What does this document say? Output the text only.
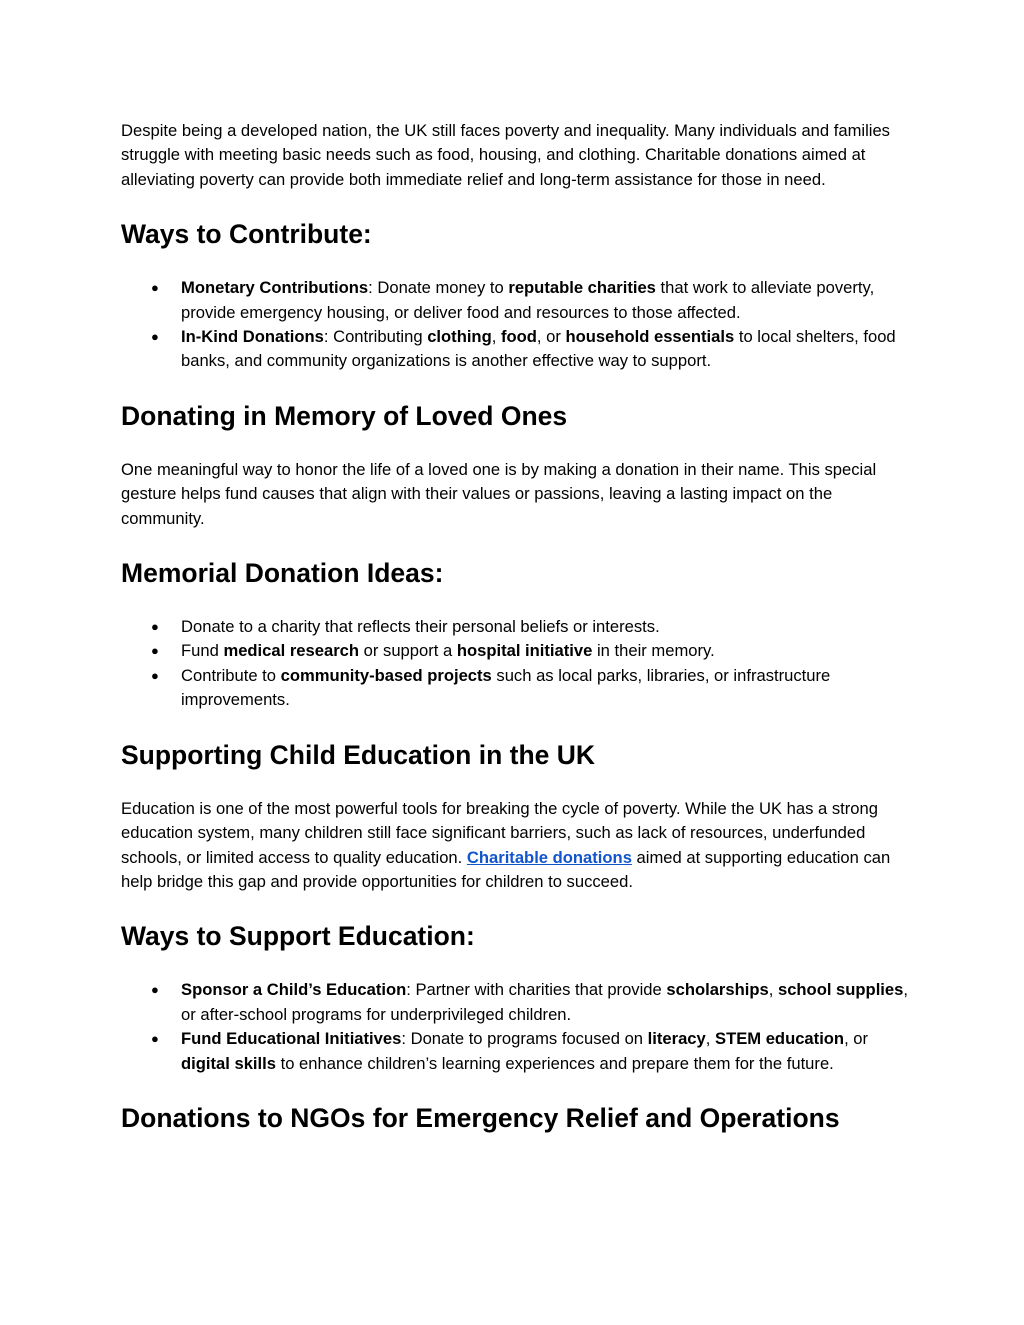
Despite being a developed nation, the UK still faces poverty and inequality. Many individuals and families struggle with meeting basic needs such as food, housing, and clothing. Charitable donations aimed at alleviating poverty can provide both immediate relief and long-term assistance for those in need.

Ways to Contribute:
● Monetary Contributions: Donate money to reputable charities that work to alleviate poverty, provide emergency housing, or deliver food and resources to those affected.
● In-Kind Donations: Contributing clothing, food, or household essentials to local shelters, food banks, and community organizations is another effective way to support.
Donating in Memory of Loved Ones

One meaningful way to honor the life of a loved one is by making a donation in their name. This special gesture helps fund causes that align with their values or passions, leaving a lasting impact on the community.

Memorial Donation Ideas:
● Donate to a charity that reflects their personal beliefs or interests.
● Fund medical research or support a hospital initiative in their memory.
● Contribute to community-based projects such as local parks, libraries, or infrastructure improvements.
Supporting Child Education in the UK

Education is one of the most powerful tools for breaking the cycle of poverty. While the UK has a strong education system, many children still face significant barriers, such as lack of resources, underfunded schools, or limited access to quality education. Charitable donations aimed at supporting education can help bridge this gap and provide opportunities for children to succeed.

Ways to Support Education:
● Sponsor a Child’s Education: Partner with charities that provide scholarships, school supplies, or after-school programs for underprivileged children.
● Fund Educational Initiatives: Donate to programs focused on literacy, STEM education, or digital skills to enhance children’s learning experiences and prepare them for the future.
Donations to NGOs for Emergency Relief and Operations
